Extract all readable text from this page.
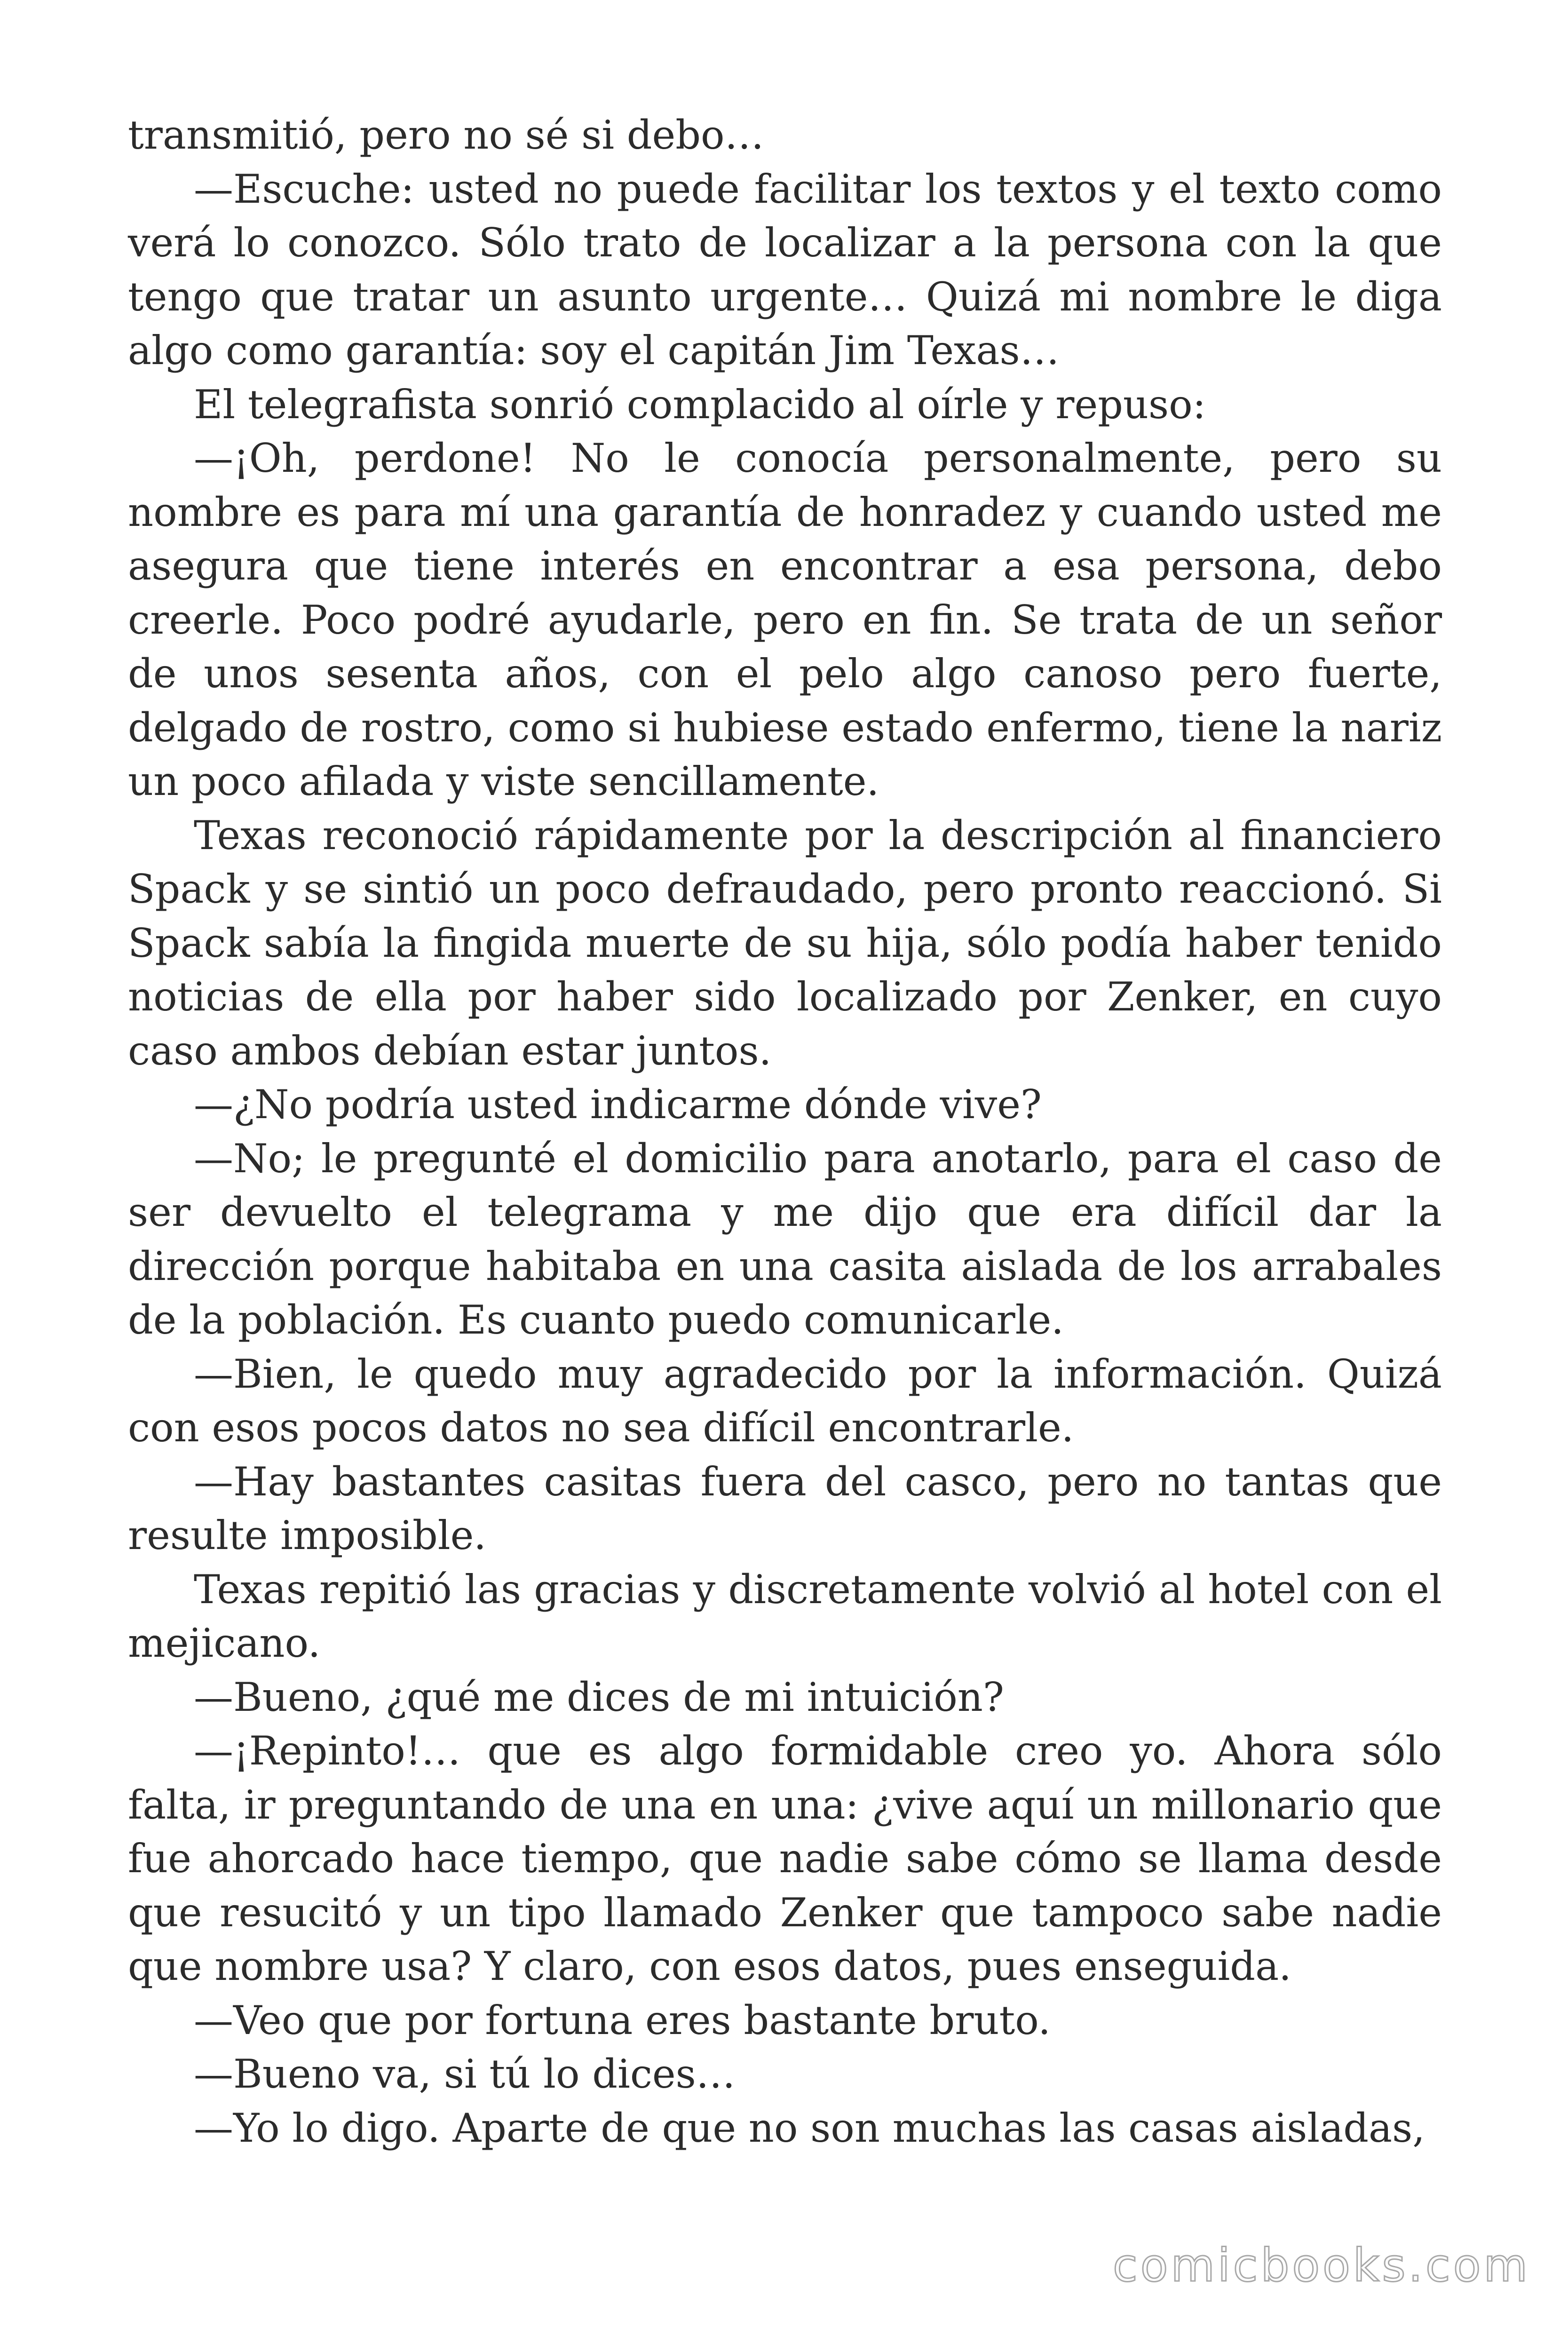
transmitió, pero no sé si debo…

—Escuche: usted no puede facilitar los textos y el texto como verá lo conozco. Sólo trato de localizar a la persona con la que tengo que tratar un asunto urgente… Quizá mi nombre le diga algo como garantía: soy el capitán Jim Texas…

El telegrafista sonrió complacido al oírle y repuso:

—¡Oh, perdone! No le conocía personalmente, pero su nombre es para mí una garantía de honradez y cuando usted me asegura que tiene interés en encontrar a esa persona, debo creerle. Poco podré ayudarle, pero en fin. Se trata de un señor de unos sesenta años, con el pelo algo canoso pero fuerte, delgado de rostro, como si hubiese estado enfermo, tiene la nariz un poco afilada y viste sencillamente.

Texas reconoció rápidamente por la descripción al financiero Spack y se sintió un poco defraudado, pero pronto reaccionó. Si Spack sabía la fingida muerte de su hija, sólo podía haber tenido noticias de ella por haber sido localizado por Zenker, en cuyo caso ambos debían estar juntos.

—¿No podría usted indicarme dónde vive?

—No; le pregunté el domicilio para anotarlo, para el caso de ser devuelto el telegrama y me dijo que era difícil dar la dirección porque habitaba en una casita aislada de los arrabales de la población. Es cuanto puedo comunicarle.

—Bien, le quedo muy agradecido por la información. Quizá con esos pocos datos no sea difícil encontrarle.

—Hay bastantes casitas fuera del casco, pero no tantas que resulte imposible.

Texas repitió las gracias y discretamente volvió al hotel con el mejicano.

—Bueno, ¿qué me dices de mi intuición?

—¡Repinto!… que es algo formidable creo yo. Ahora sólo falta, ir preguntando de una en una: ¿vive aquí un millonario que fue ahorcado hace tiempo, que nadie sabe cómo se llama desde que resucitó y un tipo llamado Zenker que tampoco sabe nadie que nombre usa? Y claro, con esos datos, pues enseguida.

—Veo que por fortuna eres bastante bruto.

—Bueno va, si tú lo dices…

—Yo lo digo. Aparte de que no son muchas las casas aisladas,

comicbooks.com
